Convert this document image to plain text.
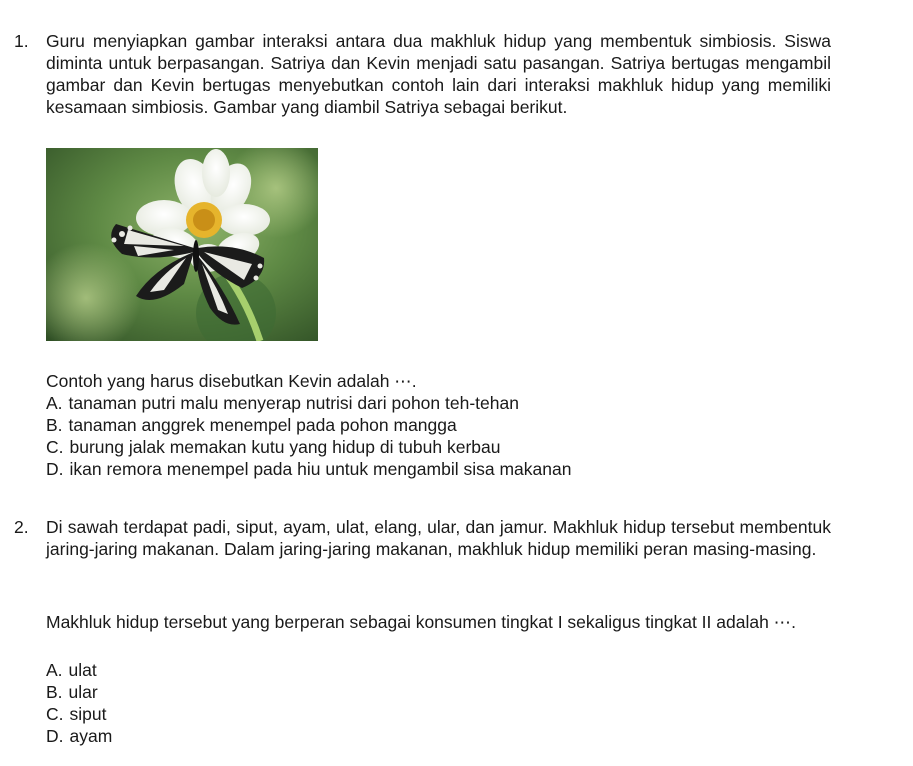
1. Guru menyiapkan gambar interaksi antara dua makhluk hidup yang membentuk simbiosis. Siswa diminta untuk berpasangan. Satriya dan Kevin menjadi satu pasangan. Satriya bertugas mengambil gambar dan Kevin bertugas menyebutkan contoh lain dari interaksi makhluk hidup yang memiliki kesamaan simbiosis. Gambar yang diambil Satriya sebagai berikut.
Contoh yang harus disebutkan Kevin adalah ⋯.
A. tanaman putri malu menyerap nutrisi dari pohon teh-tehan
B. tanaman anggrek menempel pada pohon mangga
C. burung jalak memakan kutu yang hidup di tubuh kerbau
D. ikan remora menempel pada hiu untuk mengambil sisa makanan
2. Di sawah terdapat padi, siput, ayam, ulat, elang, ular, dan jamur. Makhluk hidup tersebut membentuk jaring-jaring makanan. Dalam jaring-jaring makanan, makhluk hidup memiliki peran masing-masing.
Makhluk hidup tersebut yang berperan sebagai konsumen tingkat I sekaligus tingkat II adalah ⋯.
A. ulat
B. ular
C. siput
D. ayam
